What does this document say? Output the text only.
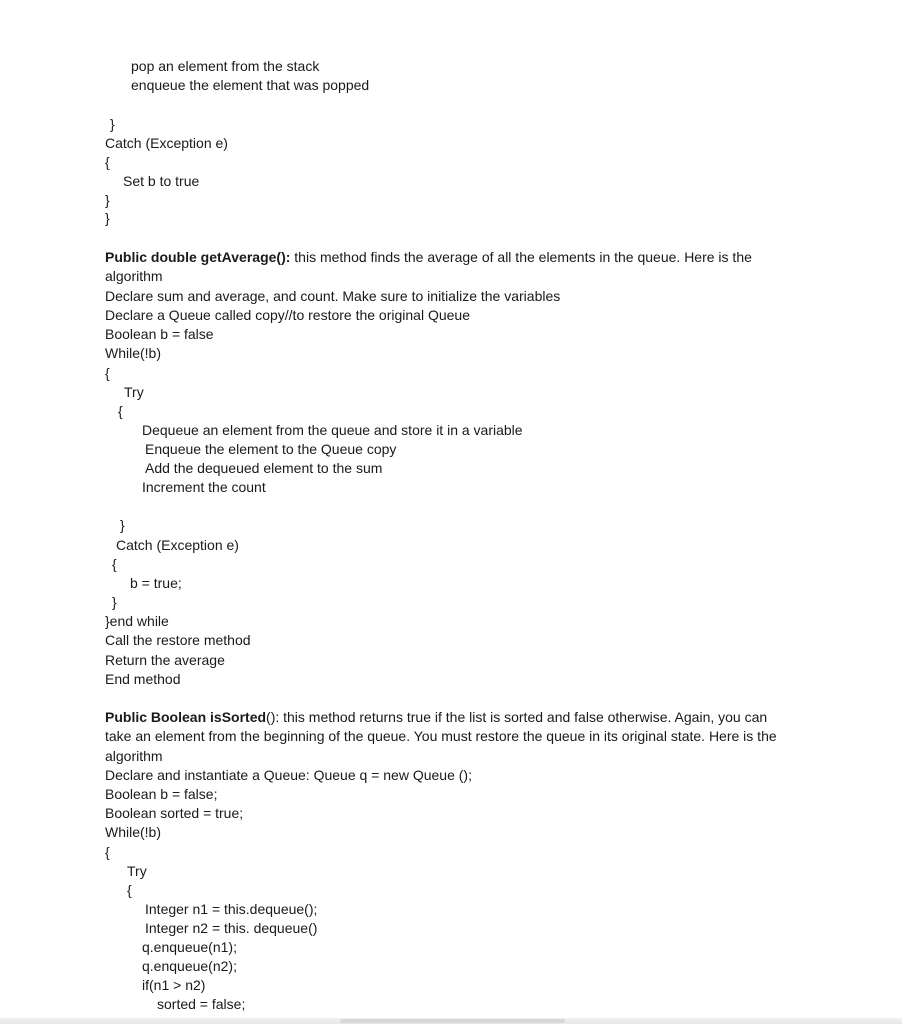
pop an element from the stack
enqueue the element that was popped
}
Catch (Exception e)
{
Set b to true
}
}
Public double getAverage(): this method finds the average of all the elements in the queue. Here is the algorithm
Declare sum and average, and count. Make sure to initialize the variables
Declare a Queue called copy//to restore the original Queue
Boolean b = false
While(!b)
{
Try
{
Dequeue an element from the queue and store it in a variable
Enqueue the element to the Queue copy
Add the dequeued element to the sum
Increment the count
}
Catch (Exception e)
{
b = true;
}
}end while
Call the restore method
Return the average
End method
Public Boolean isSorted(): this method returns true if the list is sorted and false otherwise. Again, you can take an element from the beginning of the queue. You must restore the queue in its original state. Here is the algorithm
Declare and instantiate a Queue: Queue q = new Queue ();
Boolean b = false;
Boolean sorted = true;
While(!b)
{
Try
{
Integer n1 = this.dequeue();
Integer n2 = this. dequeue()
q.enqueue(n1);
q.enqueue(n2);
if(n1 > n2)
sorted = false;
